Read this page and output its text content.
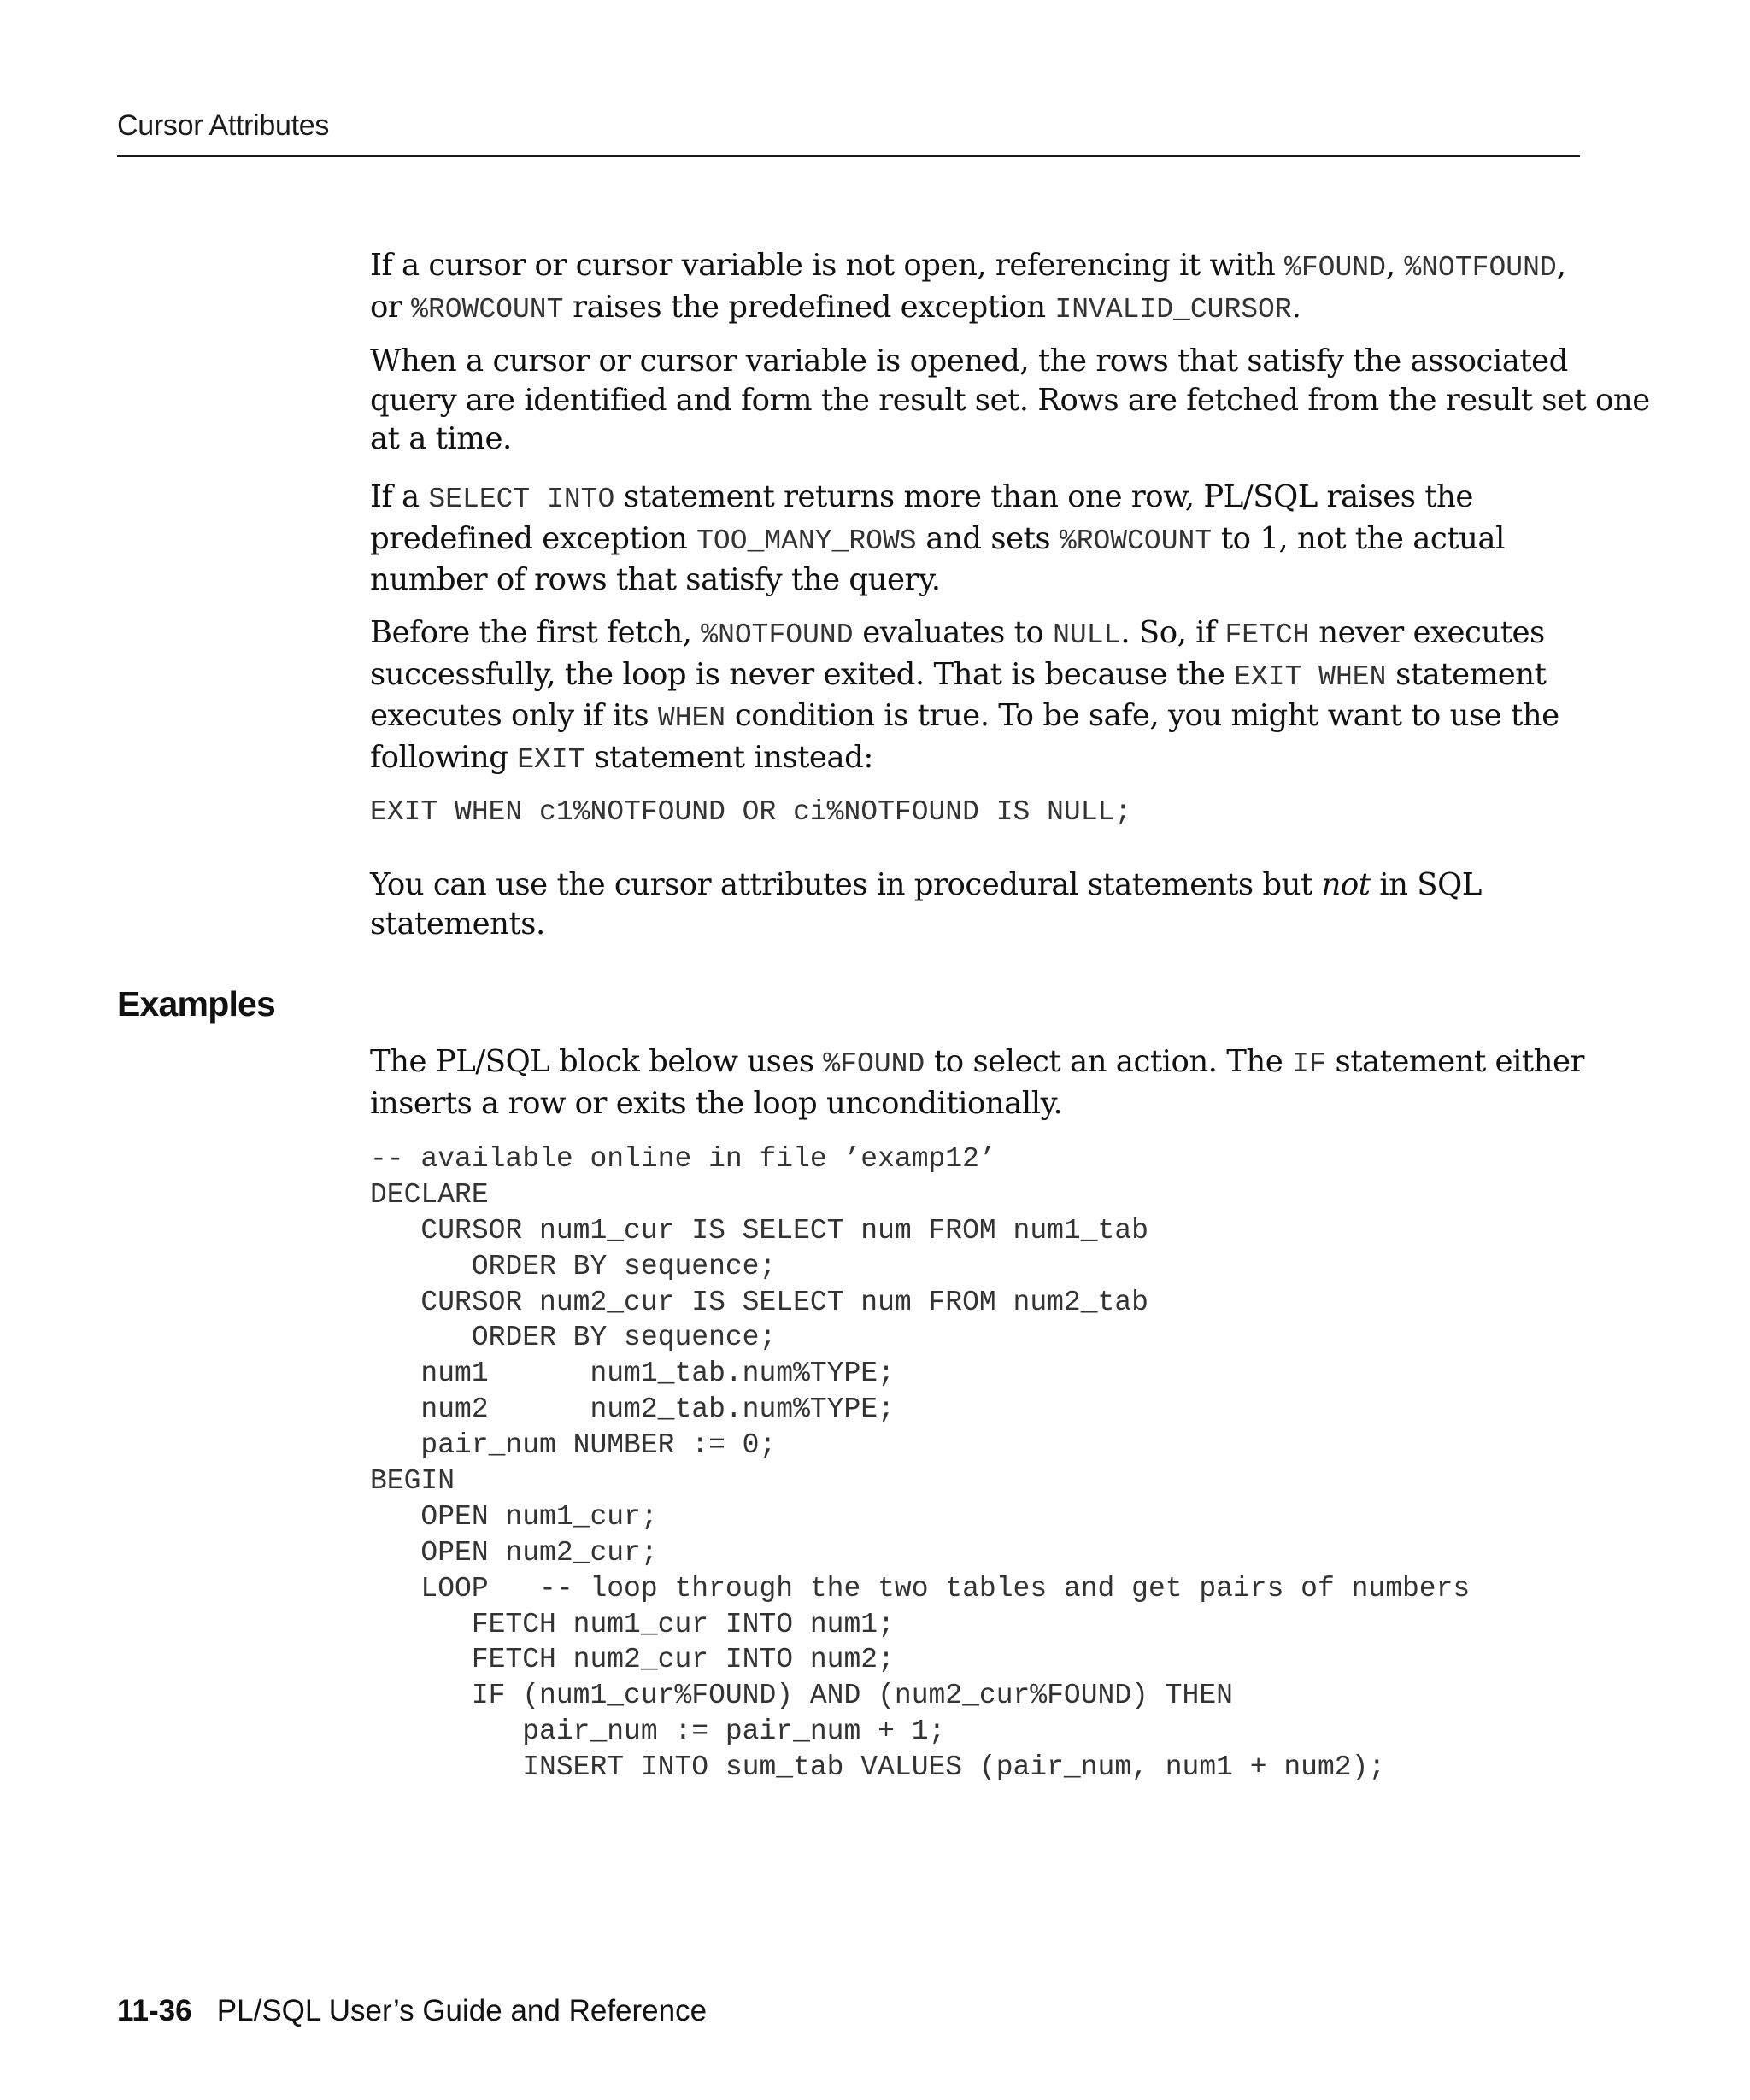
Cursor Attributes

If a cursor or cursor variable is not open, referencing it with %FOUND, %NOTFOUND,
or %ROWCOUNT raises the predefined exception INVALID_CURSOR.

When a cursor or cursor variable is opened, the rows that satisfy the associated
query are identified and form the result set. Rows are fetched from the result set one
at a time.

If a SELECT INTO statement returns more than one row, PL/SQL raises the
predefined exception TOO_MANY_ROWS and sets %ROWCOUNT to 1, not the actual
number of rows that satisfy the query.

Before the first fetch, %NOTFOUND evaluates to NULL. So, if FETCH never executes
successfully, the loop is never exited. That is because the EXIT WHEN statement
executes only if its WHEN condition is true. To be safe, you might want to use the
following EXIT statement instead:

EXIT WHEN c1%NOTFOUND OR ci%NOTFOUND IS NULL;

You can use the cursor attributes in procedural statements but not in SQL
statements.

Examples

The PL/SQL block below uses %FOUND to select an action. The IF statement either
inserts a row or exits the loop unconditionally.

-- available online in file ’examp12’
DECLARE
CURSOR num1_cur IS SELECT num FROM num1_tab
ORDER BY sequence;
CURSOR num2_cur IS SELECT num FROM num2_tab
ORDER BY sequence;
num1      num1_tab.num%TYPE;
num2      num2_tab.num%TYPE;
pair_num NUMBER := 0;
BEGIN
OPEN num1_cur;
OPEN num2_cur;
LOOP   -- loop through the two tables and get pairs of numbers
FETCH num1_cur INTO num1;
FETCH num2_cur INTO num2;
IF (num1_cur%FOUND) AND (num2_cur%FOUND) THEN
pair_num := pair_num + 1;
INSERT INTO sum_tab VALUES (pair_num, num1 + num2);
11-36 PL/SQL User’s Guide and Reference
